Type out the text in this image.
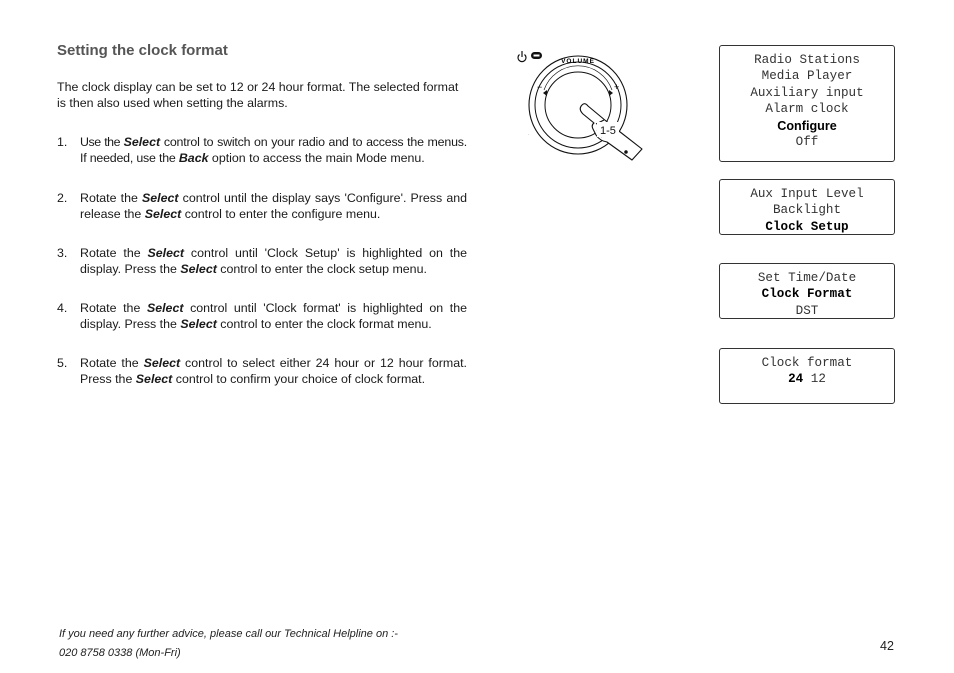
Setting the clock format
The clock display can be set to 12 or 24 hour format. The selected format is then also used when setting the alarms.
1.	Use the Select control to switch on your radio and to access the menus. If needed, use the Back option to access the main Mode menu.
2.	Rotate the Select control until the display says 'Configure'. Press and release the Select control to enter the configure menu.
3.	Rotate the Select control until 'Clock Setup' is highlighted on the display. Press the Select control to enter the clock setup menu.
4.	Rotate the Select control until 'Clock format' is highlighted on the display. Press the Select control to enter the clock format menu.
5.	Rotate the Select control to select either 24 hour or 12 hour format. Press the Select control to confirm your choice of clock format.
VOLUME
−	+
·	1-5
Radio Stations
Media Player
Auxiliary input
Alarm clock
Configure
Off
Aux Input Level
Backlight
Clock Setup
Set Time/Date
Clock Format
DST
Clock format
24 12
If you need any further advice, please call our Technical Helpline on :-
020 8758 0338 (Mon-Fri)	42
